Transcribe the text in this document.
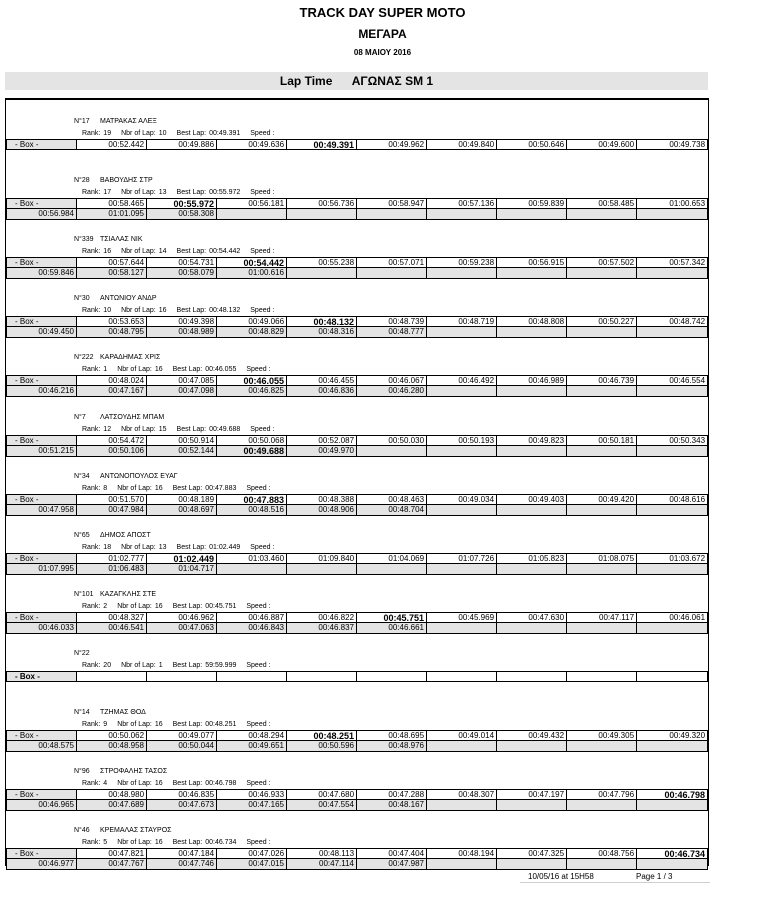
TRACK DAY SUPER MOTO
ΜΕΓΑΡΑ
08 ΜΑΙΟΥ 2016
Lap Time ΑΓΩΝΑΣ SM 1
N°17 ΜΑΤΡΑΚΑΣ ΑΛΕΞ
Rank: 19 Nbr of Lap: 10 Best Lap: 00:49.391 Speed :
- Box -	00:52.442	00:49.886	00:49.636	00:49.391	00:49.962	00:49.840	00:50.646	00:49.600	00:49.738
N°28 ΒΑΒΟΥΔΗΣ ΣΤΡ
Rank: 17 Nbr of Lap: 13 Best Lap: 00:55.972 Speed :
- Box -	00:58.465	00:55.972	00:56.181	00:56.736	00:58.947	00:57.136	00:59.839	00:58.485	01:00.653
00:56.984	01:01.095	00:58.308
N°339 ΤΣΙΑΛΑΣ ΝΙΚ
Rank: 16 Nbr of Lap: 14 Best Lap: 00:54.442 Speed :
- Box -	00:57.644	00:54.731	00:54.442	00:55.238	00:57.071	00:59.238	00:56.915	00:57.502	00:57.342
00:59.846	00:58.127	00:58.079	01:00.616
N°30 ΑΝΤΩΝΙΟΥ ΑΝΔΡ
Rank: 10 Nbr of Lap: 16 Best Lap: 00:48.132 Speed :
- Box -	00:53.653	00:49.398	00:49.066	00:48.132	00:48.739	00:48.719	00:48.808	00:50.227	00:48.742
00:49.450	00:48.795	00:48.989	00:48.829	00:48.316	00:48.777
N°222 ΚΑΡΑΔΗΜΑΣ ΧΡΙΣ
Rank: 1 Nbr of Lap: 16 Best Lap: 00:46.055 Speed :
- Box -	00:48.024	00:47.085	00:46.055	00:46.455	00:46.067	00:46.492	00:46.989	00:46.739	00:46.554
00:46.216	00:47.167	00:47.098	00:46.825	00:46.836	00:46.280
N°7 ΛΑΤΣΟΥΔΗΣ ΜΠΑΜ
Rank: 12 Nbr of Lap: 15 Best Lap: 00:49.688 Speed :
- Box -	00:54.472	00:50.914	00:50.068	00:52.087	00:50.030	00:50.193	00:49.823	00:50.181	00:50.343
00:51.215	00:50.106	00:52.144	00:49.688	00:49.970
N°34 ΑΝΤΩΝΟΠΟΥΛΟΣ ΕΥΑΓ
Rank: 8 Nbr of Lap: 16 Best Lap: 00:47.883 Speed :
- Box -	00:51.570	00:48.189	00:47.883	00:48.388	00:48.463	00:49.034	00:49.403	00:49.420	00:48.616
00:47.958	00:47.984	00:48.697	00:48.516	00:48.906	00:48.704
N°65 ΔΗΜΟΣ ΑΠΟΣΤ
Rank: 18 Nbr of Lap: 13 Best Lap: 01:02.449 Speed :
- Box -	01:02.777	01:02.449	01:03.460	01:09.840	01:04.069	01:07.726	01:05.823	01:08.075	01:03.672
01:07.995	01:06.483	01:04.717
N°101 ΚΑΖΑΓΚΛΗΣ ΣΤΕ
Rank: 2 Nbr of Lap: 16 Best Lap: 00:45.751 Speed :
- Box -	00:48.327	00:46.962	00:46.887	00:46.822	00:45.751	00:45.969	00:47.630	00:47.117	00:46.061
00:46.033	00:46.541	00:47.063	00:46.843	00:46.837	00:46.661
N°22
Rank: 20 Nbr of Lap: 1 Best Lap: 59:59.999 Speed :
- Box -
N°14 ΤΖΗΜΑΣ ΘΟΔ
Rank: 9 Nbr of Lap: 16 Best Lap: 00:48.251 Speed :
- Box -	00:50.062	00:49.077	00:48.294	00:48.251	00:48.695	00:49.014	00:49.432	00:49.305	00:49.320
00:48.575	00:48.958	00:50.044	00:49.651	00:50.596	00:48.976
N°96 ΣΤΡΟΦΑΛΗΣ ΤΑΣΟΣ
Rank: 4 Nbr of Lap: 16 Best Lap: 00:46.798 Speed :
- Box -	00:48.980	00:46.835	00:46.933	00:47.680	00:47.288	00:48.307	00:47.197	00:47.796	00:46.798
00:46.965	00:47.689	00:47.673	00:47.165	00:47.554	00:48.167
N°46 ΚΡΕΜΑΛΑΣ ΣΤΑΥΡΟΣ
Rank: 5 Nbr of Lap: 16 Best Lap: 00:46.734 Speed :
- Box -	00:47.821	00:47.184	00:47.026	00:48.113	00:47.404	00:48.194	00:47.325	00:48.756	00:46.734
00:46.977	00:47.767	00:47.746	00:47.015	00:47.114	00:47.987
10/05/16 at 15H58	Page 1 / 3
